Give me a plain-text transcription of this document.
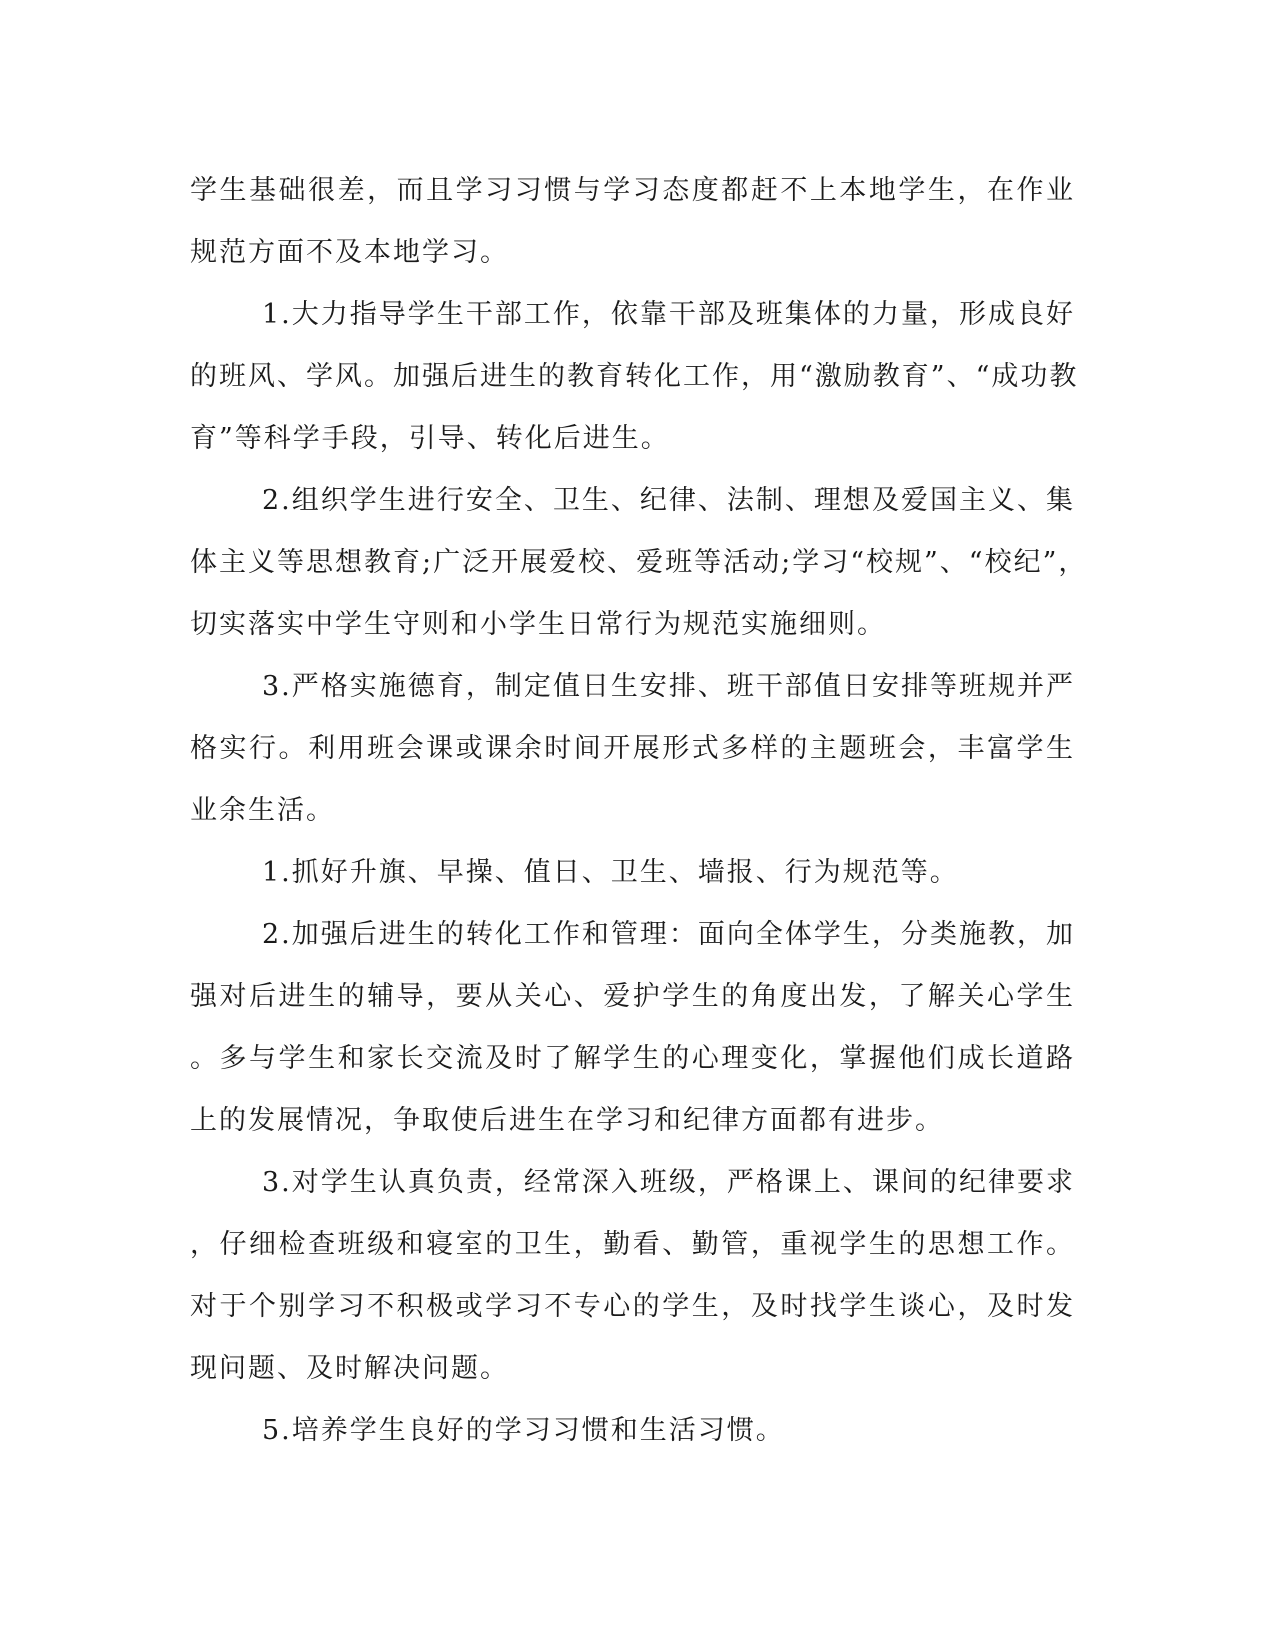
学生基础很差，而且学习习惯与学习态度都赶不上本地学生，在作业
规范方面不及本地学习。
1.大力指导学生干部工作，依靠干部及班集体的力量，形成良好
的班风、学风。加强后进生的教育转化工作，用“激励教育”、“成功教
育”等科学手段，引导、转化后进生。
2.组织学生进行安全、卫生、纪律、法制、理想及爱国主义、集
体主义等思想教育;广泛开展爱校、爱班等活动;学习“校规”、“校纪”，
切实落实中学生守则和小学生日常行为规范实施细则。
3.严格实施德育，制定值日生安排、班干部值日安排等班规并严
格实行。利用班会课或课余时间开展形式多样的主题班会，丰富学生
业余生活。
1.抓好升旗、早操、值日、卫生、墙报、行为规范等。
2.加强后进生的转化工作和管理：面向全体学生，分类施教，加
强对后进生的辅导，要从关心、爱护学生的角度出发，了解关心学生
。多与学生和家长交流及时了解学生的心理变化，掌握他们成长道路
上的发展情况，争取使后进生在学习和纪律方面都有进步。
3.对学生认真负责，经常深入班级，严格课上、课间的纪律要求
，仔细检查班级和寝室的卫生，勤看、勤管，重视学生的思想工作。
对于个别学习不积极或学习不专心的学生，及时找学生谈心，及时发
现问题、及时解决问题。
5.培养学生良好的学习习惯和生活习惯。
